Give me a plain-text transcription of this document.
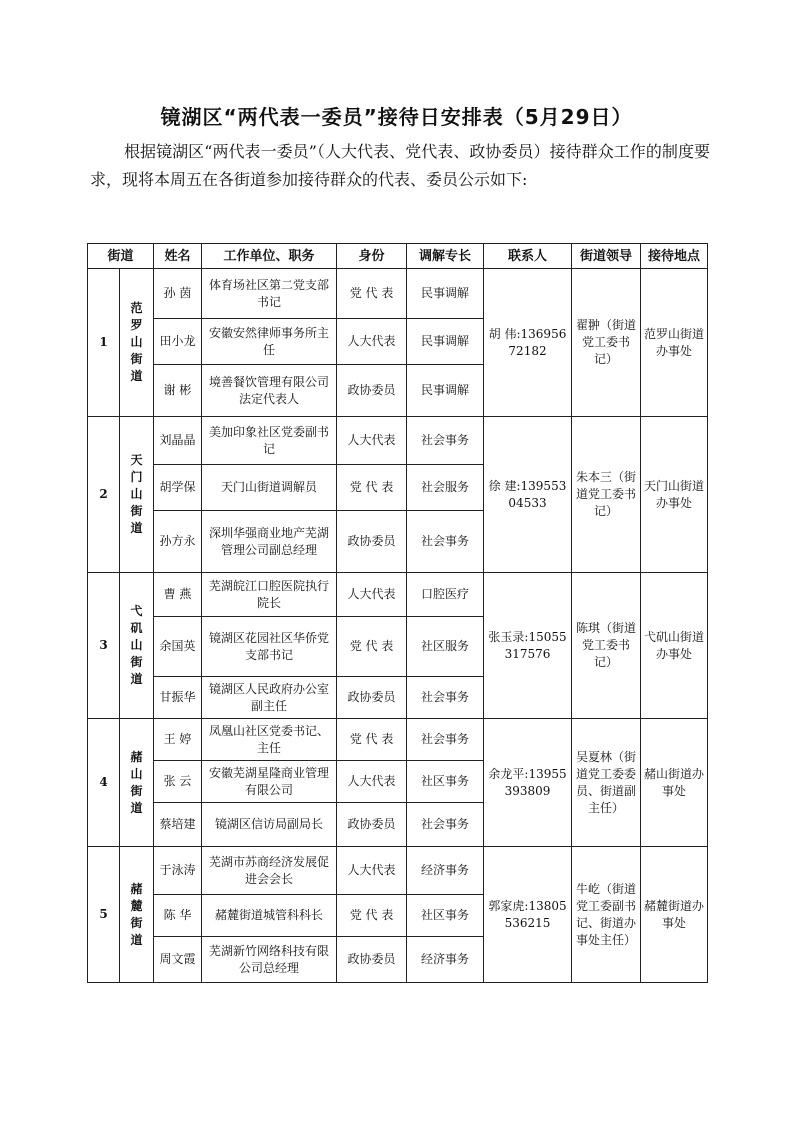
镜湖区“两代表一委员”接待日安排表（5月29日）
根据镜湖区“两代表一委员”（人大代表、党代表、政协委员）接待群众工作的制度要求，现将本周五在各街道参加接待群众的代表、委员公示如下:
街道		姓名	工作单位、职务	身份	调解专长	联系人	街道领导	接待地点
1	范罗山街道	孙 茵	体育场社区第二党支部书记	党 代 表	民事调解	胡 伟:13695672182	翟翀（街道党工委书记）	范罗山街道办事处
		田小龙	安徽安然律师事务所主任	人大代表	民事调解			
		谢 彬	境善餐饮管理有限公司法定代表人	政协委员	民事调解			
2	天门山街道	刘晶晶	美加印象社区党委副书记	人大代表	社会事务	徐 建:13955304533	朱本三（街道党工委书记）	天门山街道办事处
		胡学保	天门山街道调解员	党 代 表	社会服务			
		孙方永	深圳华强商业地产芜湖管理公司副总经理	政协委员	社会事务			
3	弋矶山街道	曹 燕	芜湖皖江口腔医院执行院长	人大代表	口腔医疗	张玉录:15055317576	陈琪（街道党工委书记）	弋矶山街道办事处
		余国英	镜湖区花园社区华侨党支部书记	党 代 表	社区服务			
		甘振华	镜湖区人民政府办公室副主任	政协委员	社会事务			
4	赭山街道	王 婷	凤凰山社区党委书记、主任	党 代 表	社会事务	余龙平:13955393809	吴夏林（街道党工委委员、街道副主任）	赭山街道办事处
		张 云	安徽芜湖星隆商业管理有限公司	人大代表	社区事务			
		蔡培建	镜湖区信访局副局长	政协委员	社会事务			
5	赭麓街道	于泳涛	芜湖市苏商经济发展促进会会长	人大代表	经济事务	郭家虎:13805536215	牛屹（街道党工委副书记、街道办事处主任）	赭麓街道办事处
		陈 华	赭麓街道城管科科长	党 代 表	社区事务			
		周文霞	芜湖新竹网络科技有限公司总经理	政协委员	经济事务			
